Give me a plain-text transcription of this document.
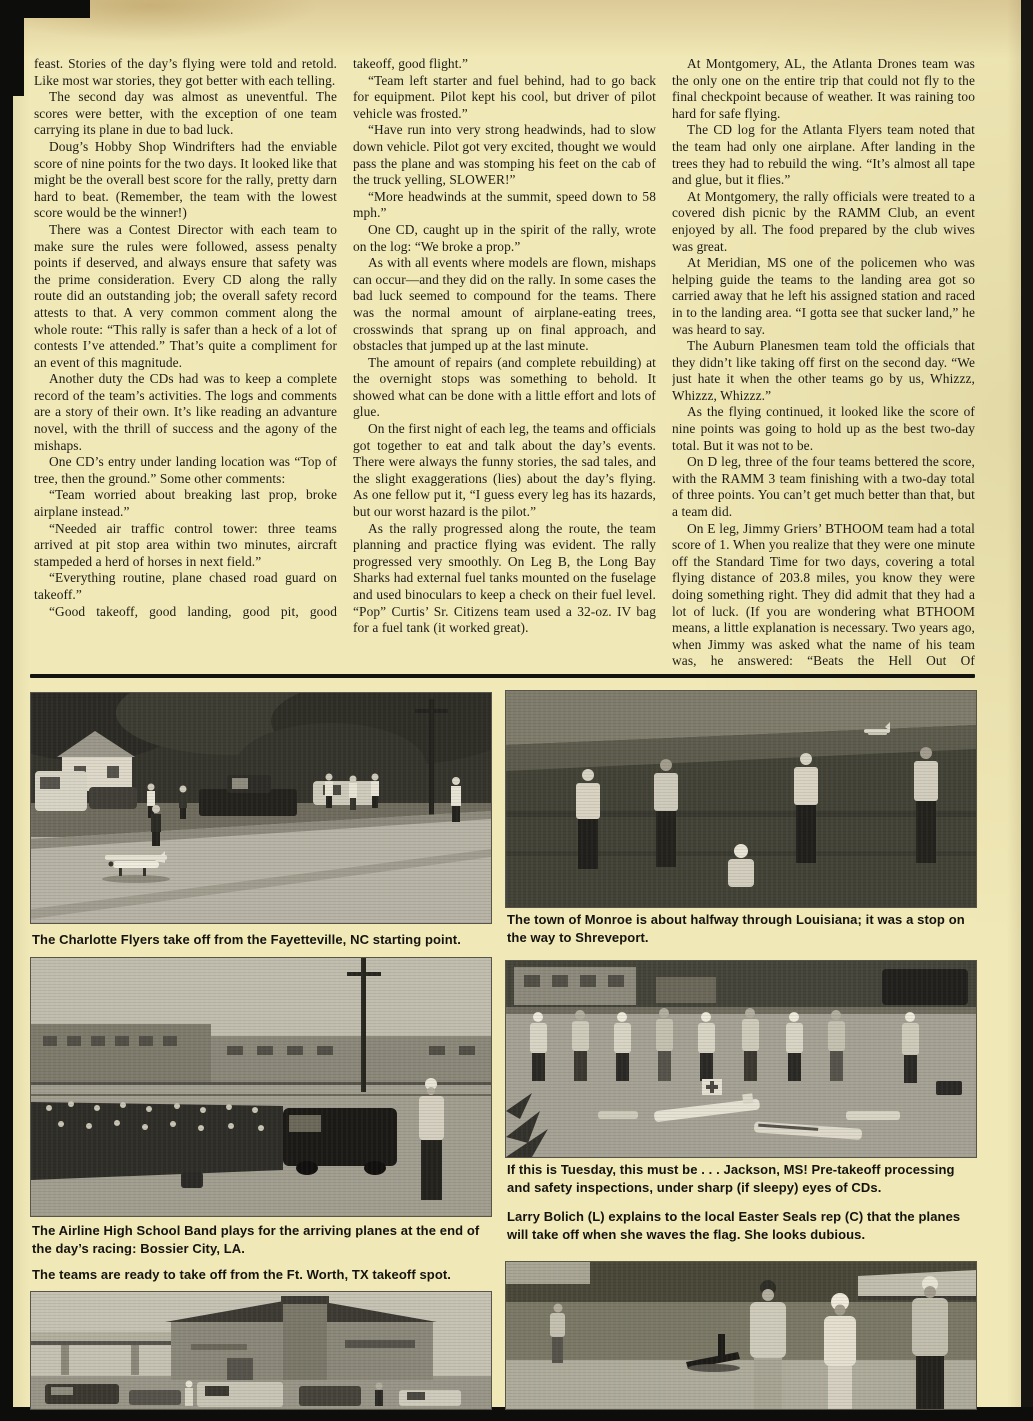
feast. Stories of the day’s flying were told and retold. Like most war stories, they got better with each telling.

The second day was almost as uneventful. The scores were better, with the exception of one team carrying its plane in due to bad luck.

Doug’s Hobby Shop Windrifters had the enviable score of nine points for the two days. It looked like that might be the overall best score for the rally, pretty darn hard to beat. (Remember, the team with the lowest score would be the winner!)

There was a Contest Director with each team to make sure the rules were followed, assess penalty points if deserved, and always ensure that safety was the prime consideration. Every CD along the rally route did an outstanding job; the overall safety record attests to that. A very common comment along the whole route: “This rally is safer than a heck of a lot of contests I’ve attended.” That’s quite a compliment for an event of this magnitude.

Another duty the CDs had was to keep a complete record of the team’s activities. The logs and comments are a story of their own. It’s like reading an advanture novel, with the thrill of success and the agony of the mishaps.

One CD’s entry under landing location was “Top of tree, then the ground.” Some other comments:

“Team worried about breaking last prop, broke airplane instead.”

“Needed air traffic control tower: three teams arrived at pit stop area within two minutes, aircraft stampeded a herd of horses in next field.”

“Everything routine, plane chased road guard on takeoff.”

“Good takeoff, good landing, good pit, good

takeoff, good flight.”

“Team left starter and fuel behind, had to go back for equipment. Pilot kept his cool, but driver of pilot vehicle was frosted.”

“Have run into very strong headwinds, had to slow down vehicle. Pilot got very excited, thought we would pass the plane and was stomping his feet on the cab of the truck yelling, SLOWER!”

“More headwinds at the summit, speed down to 58 mph.”

One CD, caught up in the spirit of the rally, wrote on the log: “We broke a prop.”

As with all events where models are flown, mishaps can occur—and they did on the rally. In some cases the bad luck seemed to compound for the teams. There was the normal amount of airplane-eating trees, crosswinds that sprang up on final approach, and obstacles that jumped up at the last minute.

The amount of repairs (and complete rebuilding) at the overnight stops was something to behold. It showed what can be done with a little effort and lots of glue.

On the first night of each leg, the teams and officials got together to eat and talk about the day’s events. There were always the funny stories, the sad tales, and the slight exaggerations (lies) about the day’s flying. As one fellow put it, “I guess every leg has its hazards, but our worst hazard is the pilot.”

As the rally progressed along the route, the team planning and practice flying was evident. The rally progressed very smoothly. On Leg B, the Long Bay Sharks had external fuel tanks mounted on the fuselage and used binoculars to keep a check on their fuel level. “Pop” Curtis’ Sr. Citizens team used a 32-oz. IV bag for a fuel tank (it worked great).

At Montgomery, AL, the Atlanta Drones team was the only one on the entire trip that could not fly to the final checkpoint because of weather. It was raining too hard for safe flying.

The CD log for the Atlanta Flyers team noted that the team had only one airplane. After landing in the trees they had to rebuild the wing. “It’s almost all tape and glue, but it flies.”

At Montgomery, the rally officials were treated to a covered dish picnic by the RAMM Club, an event enjoyed by all. The food prepared by the club wives was great.

At Meridian, MS one of the policemen who was helping guide the teams to the landing area got so carried away that he left his assigned station and raced in to the landing area. “I gotta see that sucker land,” he was heard to say.

The Auburn Planesmen team told the officials that they didn’t like taking off first on the second day. “We just hate it when the other teams go by us, Whizzz, Whizzz, Whizzz.”

As the flying continued, it looked like the score of nine points was going to hold up as the best two-day total. But it was not to be.

On D leg, three of the four teams bettered the score, with the RAMM 3 team finishing with a two-day total of three points. You can’t get much better than that, but a team did.

On E leg, Jimmy Griers’ BTHOOM team had a total score of 1. When you realize that they were one minute off the Standard Time for two days, covering a total flying distance of 203.8 miles, you know they were doing something right. They did admit that they had a lot of luck. (If you are wondering what BTHOOM means, a little explanation is necessary. Two years ago, when Jimmy was asked what the name of his team was, he answered: “Beats the Hell Out Of

The Charlotte Flyers take off from the Fayetteville, NC starting point.
The town of Monroe is about halfway through Louisiana; it was a stop on the way to Shreveport.
The Airline High School Band plays for the arriving planes at the end of the day’s racing: Bossier City, LA.
If this is Tuesday, this must be . . . Jackson, MS! Pre-takeoff processing and safety inspections, under sharp (if sleepy) eyes of CDs.
Larry Bolich (L) explains to the local Easter Seals rep (C) that the planes will take off when she waves the flag. She looks dubious.
The teams are ready to take off from the Ft. Worth, TX takeoff spot.
